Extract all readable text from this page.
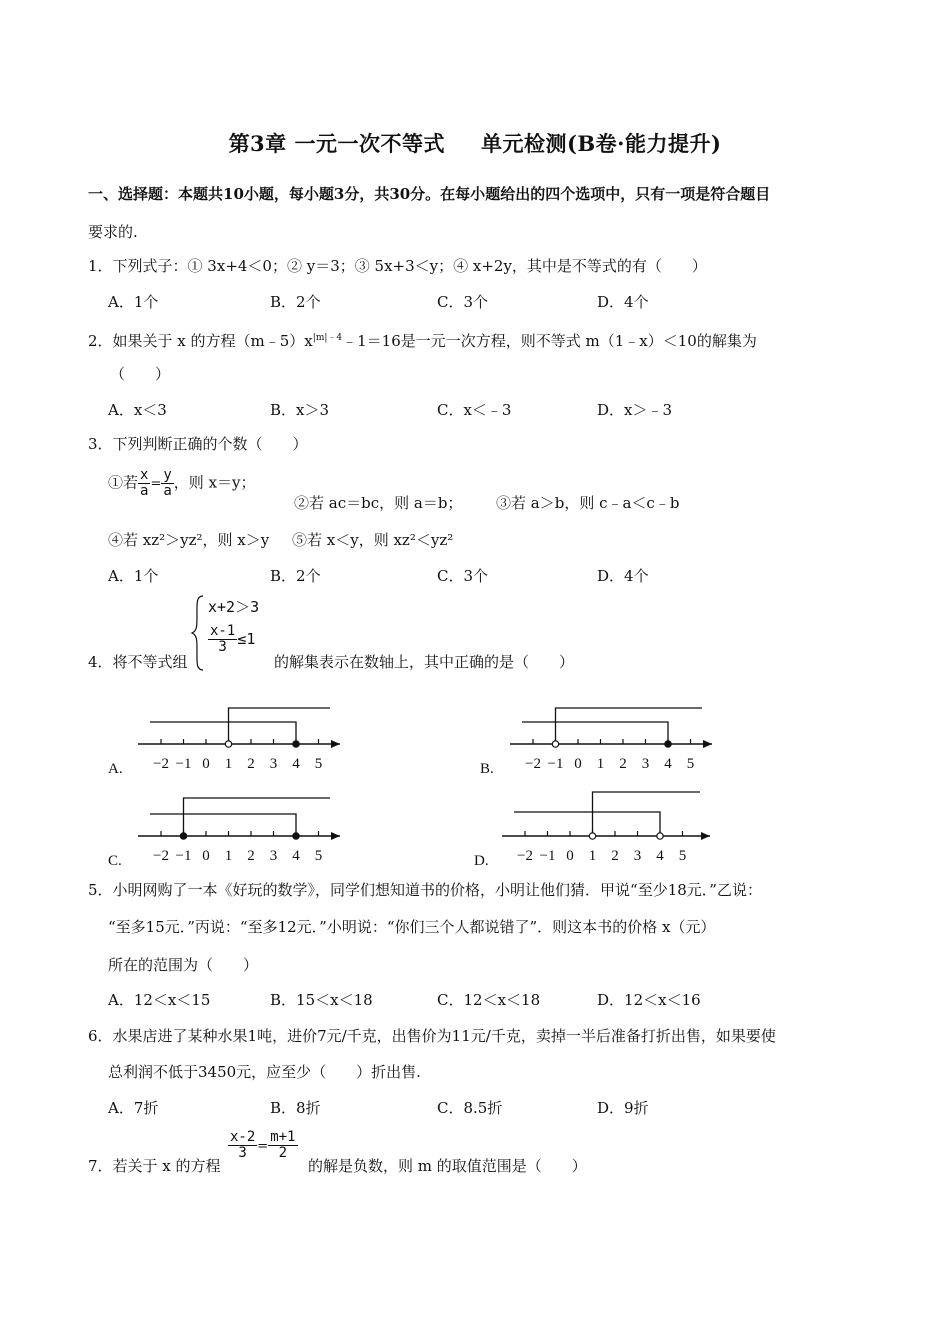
第3章 一元一次不等式 单元检测(B卷·能力提升)
一、选择题：本题共10小题，每小题3分，共30分。在每小题给出的四个选项中，只有一项是符合题目
要求的.
1．下列式子：① 3x+4＜0；② y＝3；③ 5x+3＜y；④ x+2y，其中是不等式的有（　　）
A．1个	B．2个	C．3个	D．4个
2．如果关于 x 的方程$(m﹣5)x^{|m|﹣4}﹣1=16$是一元一次方程，则不等式 m（1﹣x）＜10的解集为
（　　）
A．x＜3	B．x＞3	C．x＜﹣3	D．x＞﹣3
3．下列判断正确的个数（　　）
①若 $\frac{x}{a} = \frac{y}{a}$ ，则 x＝y；
②若 ac＝bc，则 a＝b； ③若 a＞b，则 c﹣a＜c﹣b
④若 xz²＞yz²，则 x＞y ⑤若 x＜y，则 xz²＜yz²
A．1个	B．2个	C．3个	D．4个
4．将不等式组
x+2＞3
$\frac{x-1}{3} \le 1$
的解集表示在数轴上，其中正确的是（　　）
A. −2 −1 0 1 2 3 4 5	B. −2 −1 0 1 2 3 4 5
C. −2 −1 0 1 2 3 4 5	D. −2 −1 0 1 2 3 4 5
5．小明网购了一本《好玩的数学》，同学们想知道书的价格，小明让他们猜．甲说“至少18元．”乙说：
“至多15元．”丙说：“至多12元．”小明说：“你们三个人都说错了”．则这本书的价格 x（元）
所在的范围为（　　）
A．12＜x＜15	B．15＜x＜18	C．12＜x＜18	D．12＜x＜16
6．水果店进了某种水果1吨，进价7元/千克，出售价为11元/千克，卖掉一半后准备打折出售，如果要使
总利润不低于3450元，应至少（　　）折出售.
A．7折	B．8折	C．8.5折	D．9折
7．若关于 x 的方程
$\frac{x-2}{3} = \frac{m+1}{2}$
的解是负数，则 m 的取值范围是（　　）
